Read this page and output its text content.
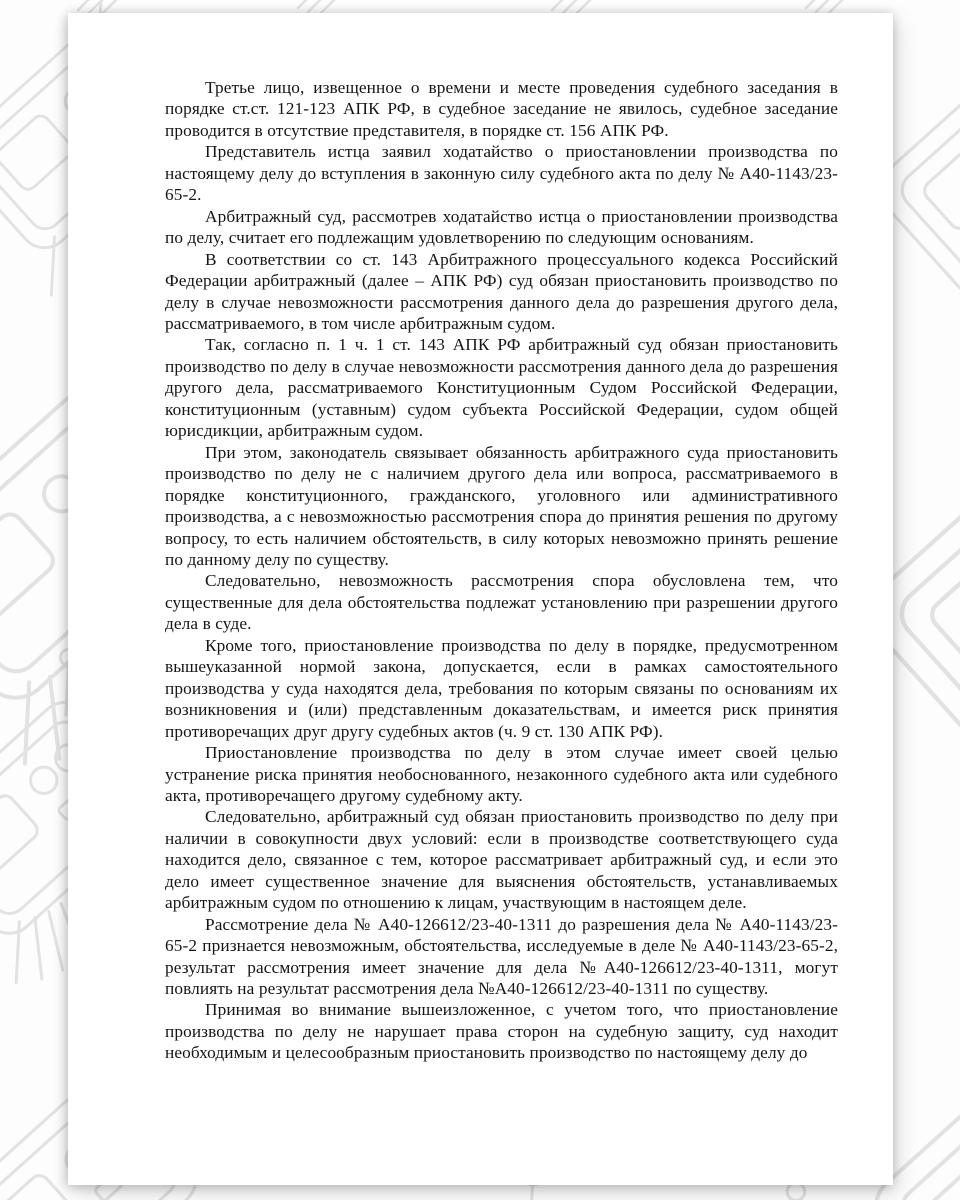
Третье лицо, извещенное о времени и месте проведения судебного заседания в порядке ст.ст. 121-123 АПК РФ, в судебное заседание не явилось, судебное заседание проводится в отсутствие представителя, в порядке ст. 156 АПК РФ.

Представитель истца заявил ходатайство о приостановлении производства по настоящему делу до вступления в законную силу судебного акта по делу № А40-1143/23-65-2.

Арбитражный суд, рассмотрев ходатайство истца о приостановлении производства по делу, считает его подлежащим удовлетворению по следующим основаниям.

В соответствии со ст. 143 Арбитражного процессуального кодекса Российский Федерации арбитражный (далее – АПК РФ) суд обязан приостановить производство по делу в случае невозможности рассмотрения данного дела до разрешения другого дела, рассматриваемого, в том числе арбитражным судом.

Так, согласно п. 1 ч. 1 ст. 143 АПК РФ арбитражный суд обязан приостановить производство по делу в случае невозможности рассмотрения данного дела до разрешения другого дела, рассматриваемого Конституционным Судом Российской Федерации, конституционным (уставным) судом субъекта Российской Федерации, судом общей юрисдикции, арбитражным судом.

При этом, законодатель связывает обязанность арбитражного суда приостановить производство по делу не с наличием другого дела или вопроса, рассматриваемого в порядке конституционного, гражданского, уголовного или административного производства, а с невозможностью рассмотрения спора до принятия решения по другому вопросу, то есть наличием обстоятельств, в силу которых невозможно принять решение по данному делу по существу.

Следовательно, невозможность рассмотрения спора обусловлена тем, что существенные для дела обстоятельства подлежат установлению при разрешении другого дела в суде.

Кроме того, приостановление производства по делу в порядке, предусмотренном вышеуказанной нормой закона, допускается, если в рамках самостоятельного производства у суда находятся дела, требования по которым связаны по основаниям их возникновения и (или) представленным доказательствам, и имеется риск принятия противоречащих друг другу судебных актов (ч. 9 ст. 130 АПК РФ).

Приостановление производства по делу в этом случае имеет своей целью устранение риска принятия необоснованного, незаконного судебного акта или судебного акта, противоречащего другому судебному акту.

Следовательно, арбитражный суд обязан приостановить производство по делу при наличии в совокупности двух условий: если в производстве соответствующего суда находится дело, связанное с тем, которое рассматривает арбитражный суд, и если это дело имеет существенное значение для выяснения обстоятельств, устанавливаемых арбитражным судом по отношению к лицам, участвующим в настоящем деле.

Рассмотрение дела № А40-126612/23-40-1311 до разрешения дела № А40-1143/23-65-2 признается невозможным, обстоятельства, исследуемые в деле № А40-1143/23-65-2, результат рассмотрения имеет значение для дела №А40-126612/23-40-1311, могут повлиять на результат рассмотрения дела №А40-126612/23-40-1311 по существу.

Принимая во внимание вышеизложенное, с учетом того, что приостановление производства по делу не нарушает права сторон на судебную защиту, суд находит необходимым и целесообразным приостановить производство по настоящему делу до
